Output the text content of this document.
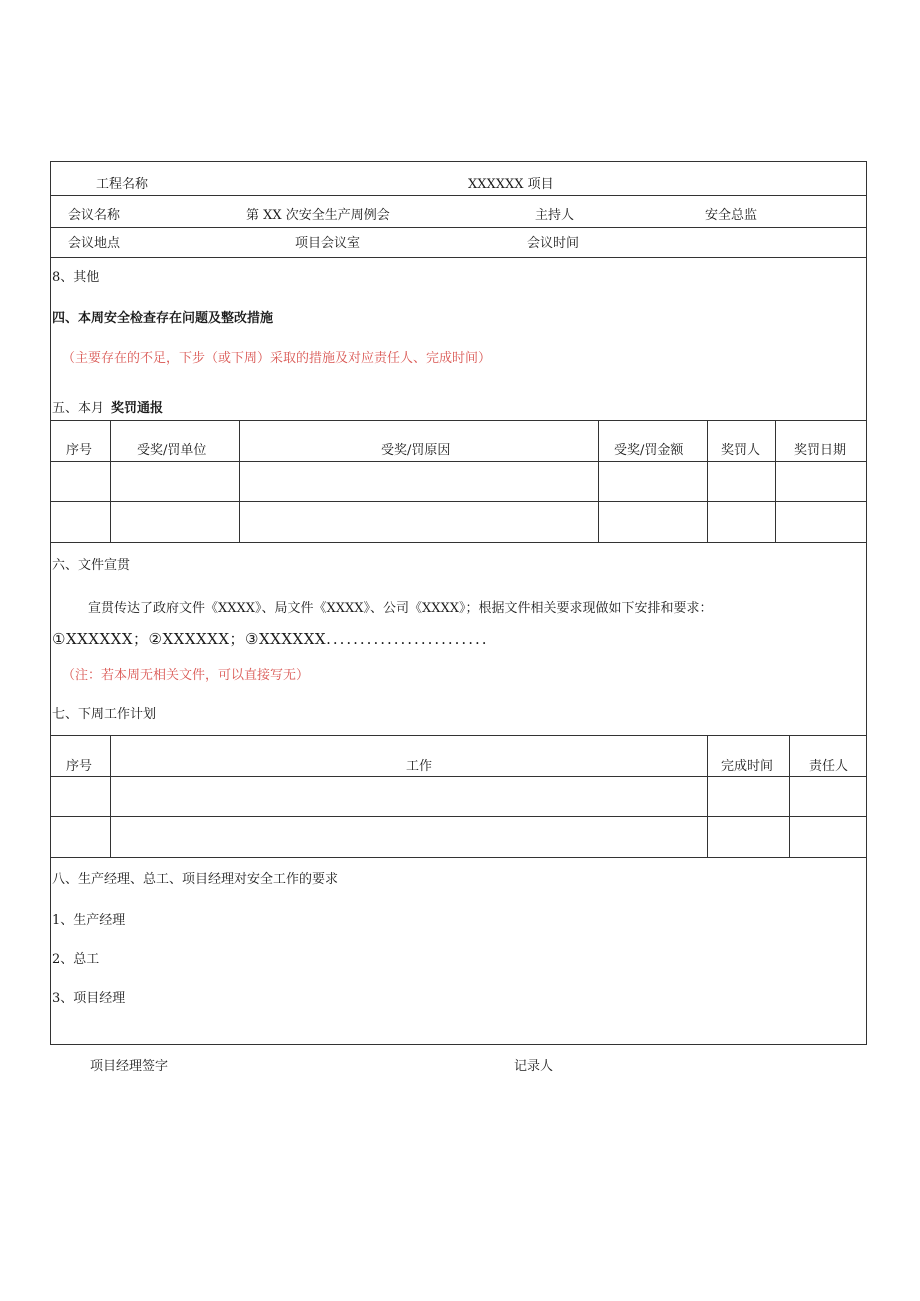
工程名称	XXXXXX 项目
会议名称	第 XX 次安全生产周例会	主持人	安全总监
会议地点	项目会议室	会议时间
8、其他
四、本周安全检查存在问题及整改措施
（主要存在的不足，下步（或下周）采取的措施及对应责任人、完成时间）
五、本月 奖罚通报
序号	受奖/罚单位	受奖/罚原因	受奖/罚金额	奖罚人	奖罚日期
六、文件宣贯
宣贯传达了政府文件《XXXX》、局文件《XXXX》、公司《XXXX》；根据文件相关要求现做如下安排和要求：
①XXXXXX；②XXXXXX；③XXXXXX........................
（注：若本周无相关文件，可以直接写无）
七、下周工作计划
序号	工作	完成时间	责任人
八、生产经理、总工、项目经理对安全工作的要求
1、生产经理
2、总工
3、项目经理
项目经理签字	记录人
